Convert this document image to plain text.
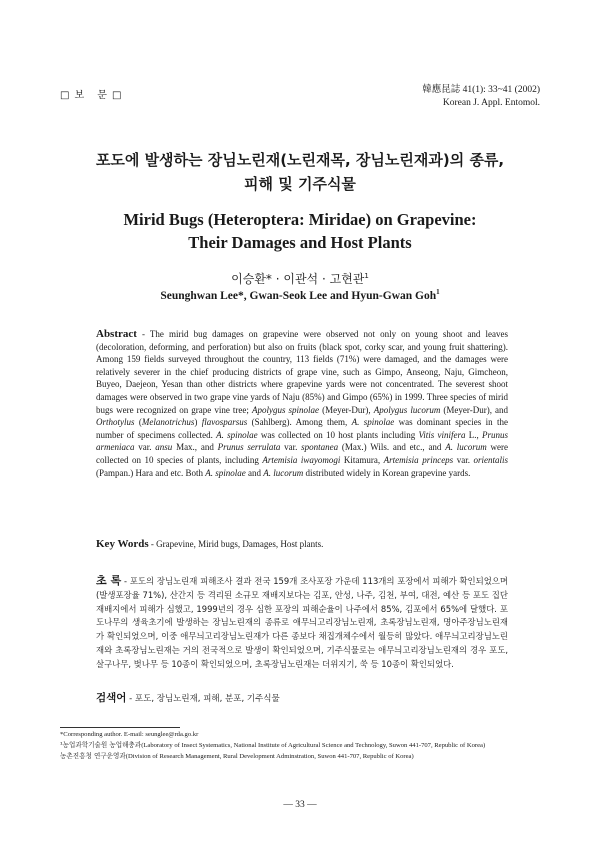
□보 문□	韓應昆誌 41(1): 33~41 (2002)
Korean J. Appl. Entomol.
포도에 발생하는 장님노린재(노린재목, 장님노린재과)의 종류,
피해 및 기주식물
Mirid Bugs (Heteroptera: Miridae) on Grapevine:
Their Damages and Host Plants
이승환* · 이관석 · 고현관$^1$
Seunghwan Lee*, Gwan-Seok Lee and Hyun-Gwan Goh$^1$
Abstract - The mirid bug damages on grapevine were observed not only on young shoot and leaves (decoloration, deforming, and perforation) but also on fruits (black spot, corky scar, and young fruit shattering). Among 159 fields surveyed throughout the country, 113 fields (71%) were damaged, and the damages were relatively severer in the chief producing districts of grape vine, such as Gimpo, Anseong, Naju, Gimcheon, Buyeo, Daejeon, Yesan than other districts where grapevine yards were not concentrated. The severest shoot damages were observed in two grape vine yards of Naju (85%) and Gimpo (65%) in 1999. Three species of mirid bugs were recognized on grape vine tree; Apolygus spinolae (Meyer-Dur), Apolygus lucorum (Meyer-Dur), and Orthotylus (Melanotrichus) flavosparsus (Sahlberg). Among them, A. spinolae was dominant species in the number of specimens collected. A. spinolae was collected on 10 host plants including Vitis vinifera L., Prunus armeniaca var. ansu Max., and Prunus serrulata var. spontanea (Max.) Wils. and etc., and A. lucorum were collected on 10 species of plants, including Artemisia iwayomogi Kitamura, Artemisia princeps var. orientalis (Pampan.) Hara and etc. Both A. spinolae and A. lucorum distributed widely in Korean grapevine yards.
Key Words - Grapevine, Mirid bugs, Damages, Host plants.
초 록 - 포도의 장님노린재 피해조사 결과 전국 159개 조사포장 가운데 113개의 포장에서 피해가 확인되었으며(발생포장율 71%), 산간지 등 격리된 소규모 재배지보다는 김포, 안성, 나주, 김천, 부여, 대전, 예산 등 포도 집단재배지에서 피해가 심했고, 1999년의 경우 심한 포장의 피해순율이 나주에서 85%, 김포에서 65%에 달했다. 포도나무의 생육초기에 발생하는 장님노린재의 종류로 애무늬고리장님노린재, 초록장님노린재, 명아주장님노린재가 확인되었으며, 이중 애무늬고리장님노린재가 다른 종보다 채집개체수에서 월등히 많았다. 애무늬고리장님노린재와 초록장님노린재는 거의 전국적으로 발생이 확인되었으며, 기주식물로는 애무늬고리장님노린재의 경우 포도, 살구나무, 벚나무 등 10종이 확인되었으며, 초록장님노린재는 더위지기, 쑥 등 10종이 확인되었다.
검색어 - 포도, 장님노린재, 피해, 분포, 기주식물
*Corresponding author. E-mail: seunglee@rda.go.kr
¹농업과학기술원 농업해충과(Laboratory of Insect Systematics, National Institute of Agricultural Science and Technology, Suwon 441-707, Republic of Korea)
농촌진흥청 연구운영과(Division of Research Management, Rural Development Adminstration, Suwon 441-707, Republic of Korea)
— 33 —
